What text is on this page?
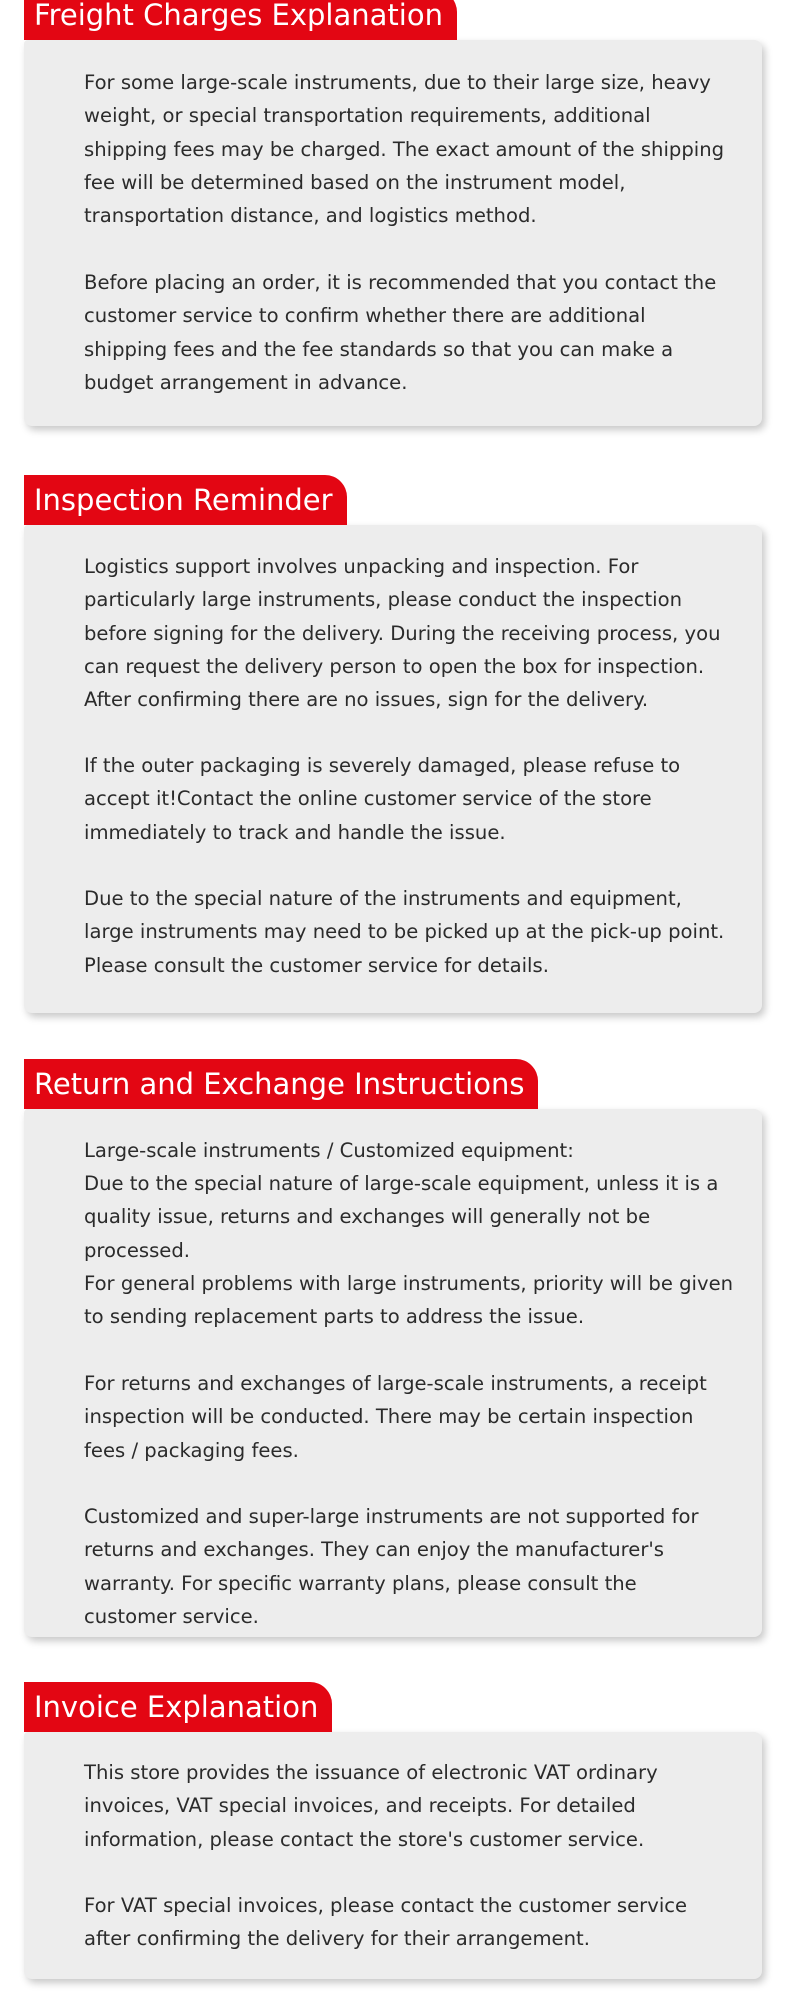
Freight Charges Explanation

For some large-scale instruments, due to their large size, heavy weight, or special transportation requirements, additional shipping fees may be charged. The exact amount of the shipping fee will be determined based on the instrument model, transportation distance, and logistics method.

Before placing an order, it is recommended that you contact the customer service to confirm whether there are additional shipping fees and the fee standards so that you can make a budget arrangement in advance.

Inspection Reminder

Logistics support involves unpacking and inspection. For particularly large instruments, please conduct the inspection before signing for the delivery. During the receiving process, you can request the delivery person to open the box for inspection. After confirming there are no issues, sign for the delivery.

If the outer packaging is severely damaged, please refuse to accept it!Contact the online customer service of the store immediately to track and handle the issue.

Due to the special nature of the instruments and equipment, large instruments may need to be picked up at the pick-up point. Please consult the customer service for details.

Return and Exchange Instructions

Large-scale instruments / Customized equipment:

Due to the special nature of large-scale equipment, unless it is a quality issue, returns and exchanges will generally not be processed.

For general problems with large instruments, priority will be given to sending replacement parts to address the issue.

For returns and exchanges of large-scale instruments, a receipt inspection will be conducted. There may be certain inspection fees / packaging fees.

Customized and super-large instruments are not supported for returns and exchanges. They can enjoy the manufacturer's warranty. For specific warranty plans, please consult the customer service.

Invoice Explanation

This store provides the issuance of electronic VAT ordinary invoices, VAT special invoices, and receipts. For detailed information, please contact the store's customer service.

For VAT special invoices, please contact the customer service after confirming the delivery for their arrangement.
